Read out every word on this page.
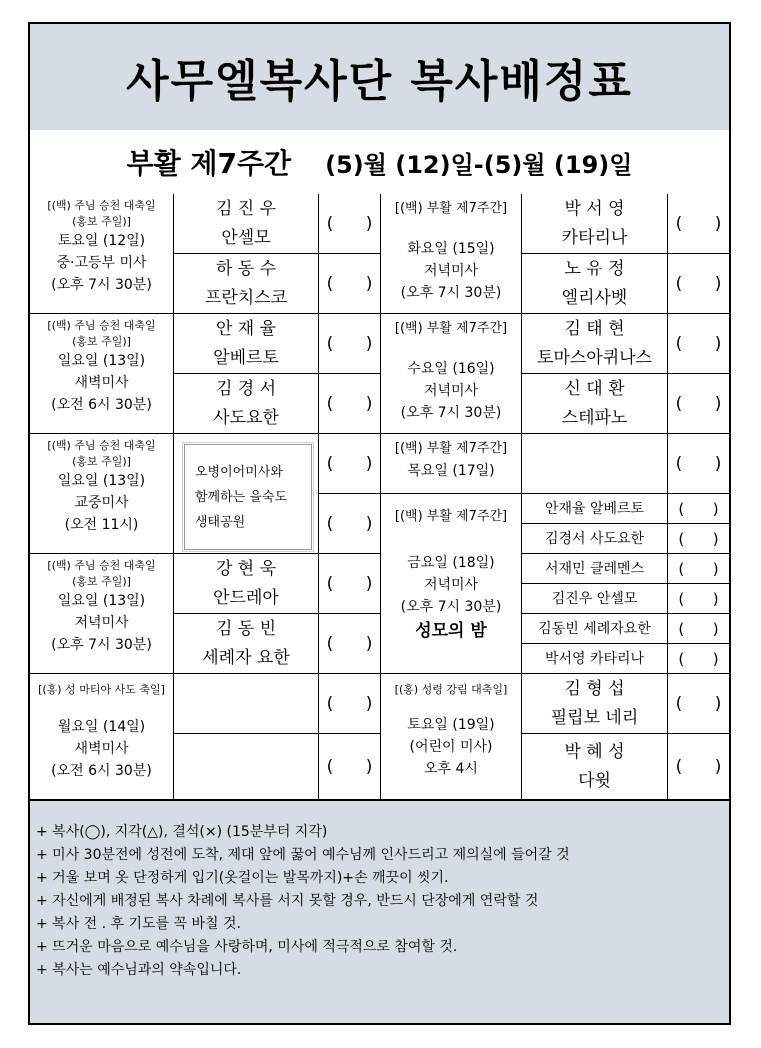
사무엘복사단 복사배정표
부활 제7주간 (5)월 (12)일-(5)월 (19)일
[(백) 주님 승천 대축일
(홍보 주일)]
토요일 (12일)
중·고등부 미사
(오후 7시 30분)
김 진 우
안셀모
(      )
하 동 수
프란치스코
(      )
[(백) 주님 승천 대축일
(홍보 주일)]
일요일 (13일)
새벽미사
(오전 6시 30분)
안 재 율
알베르토
(      )
김 경 서
사도요한
(      )
[(백) 주님 승천 대축일
(홍보 주일)]
일요일 (13일)
교중미사
(오전 11시)
오병이어미사와
함께하는 을숙도
생태공원
(      )
(      )
[(백) 주님 승천 대축일
(홍보 주일)]
일요일 (13일)
저녁미사
(오후 7시 30분)
강 현 욱
안드레아
(      )
김 동 빈
세례자 요한
(      )
[(홍) 성 마티아 사도 축일]
월요일 (14일)
새벽미사
(오전 6시 30분)
(      )
(      )
[(백) 부활 제7주간]
화요일 (15일)
저녁미사
(오후 7시 30분)
박 서 영
카타리나
(      )
노 유 정
엘리사벳
(      )
[(백) 부활 제7주간]
수요일 (16일)
저녁미사
(오후 7시 30분)
김 태 현
토마스아퀴나스
(      )
신 대 환
스테파노
(      )
[(백) 부활 제7주간]
목요일 (17일)	(      )
[(백) 부활 제7주간]
금요일 (18일)
저녁미사
(오후 7시 30분)
성모의 밤
안재율 알베르토 (      )
김경서 사도요한 (      )
서재민 클레멘스 (      )
김진우 안셀모	(      )
김동빈 세례자요한 (      )
박서영 카타리나 (      )
[(홍) 성령 강림 대축일]
토요일 (19일)
(어린이 미사)
오후 4시
김 형 섭
필립보 네리
(      )
박 혜 성
다윗
(      )
+ 복사(◯), 지각(△), 결석(×) (15분부터 지각)
+ 미사 30분전에 성전에 도착, 제대 앞에 꿇어 예수님께 인사드리고 제의실에 들어갈 것
+ 거울 보며 옷 단정하게 입기(옷걸이는 발목까지)+손 깨끗이 씻기.
+ 자신에게 배정된 복사 차례에 복사를 서지 못할 경우, 반드시 단장에게 연락할 것
+ 복사 전 . 후 기도를 꼭 바칠 것.
+ 뜨거운 마음으로 예수님을 사랑하며, 미사에 적극적으로 참여할 것.
+ 복사는 예수님과의 약속입니다.
